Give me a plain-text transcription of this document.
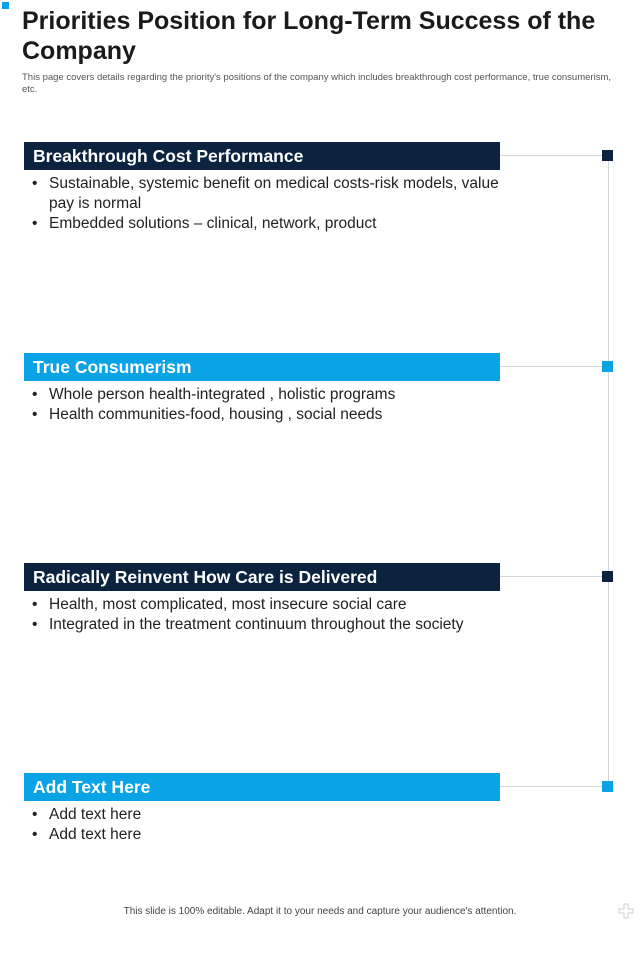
Priorities Position for Long-Term Success of the Company

This page covers details regarding the priority's positions of the company which includes breakthrough cost performance, true consumerism, etc.

Breakthrough Cost Performance
• Sustainable, systemic benefit on medical costs-risk models, value pay is normal
• Embedded solutions – clinical, network, product
True Consumerism
• Whole person health-integrated , holistic programs
• Health communities-food, housing , social needs
Radically Reinvent How Care is Delivered
• Health, most complicated, most insecure social care
• Integrated in the treatment continuum throughout the society
Add Text Here
• Add text here
• Add text here
This slide is 100% editable. Adapt it to your needs and capture your audience's attention.
